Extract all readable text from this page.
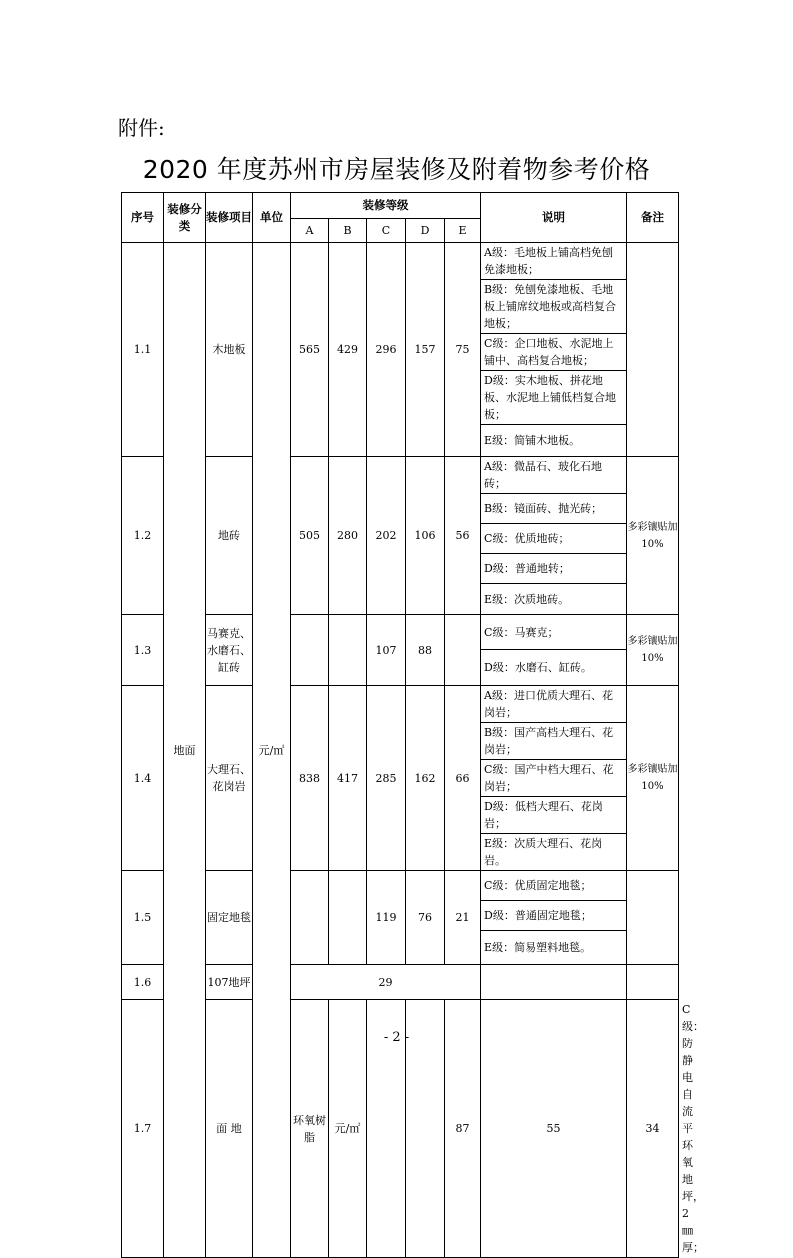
附件:
2020 年度苏州市房屋装修及附着物参考价格
序号	装修分类	装修项目	单位	装修等级					说明	备注	
				A	B	C	D	E			
1.1	地面	木地板	元/㎡	565	429	296	157	75	A级：毛地板上铺高档免刨免漆地板；		
									B级：免刨免漆地板、毛地板上铺席纹地板或高档复合地板；		
									C级：企口地板、水泥地上铺中、高档复合地板；		
									D级：实木地板、拼花地板、水泥地上铺低档复合地板；		
									E级：简铺木地板。		
1.2		地砖		505	280	202	106	56	A级：微晶石、玻化石地砖；	多彩镶贴加10%	
									B级：镜面砖、抛光砖；		
									C级：优质地砖；		
									D级：普通地转；		
									E级：次质地砖。		
1.3		马赛克、水磨石、缸砖				107	88		C级：马赛克；	多彩镶贴加10%	
									D级：水磨石、缸砖。		
1.4		大理石、花岗岩		838	417	285	162	66	A级：进口优质大理石、花岗岩；	多彩镶贴加10%	
									B级：国产高档大理石、花岗岩；		
									C级：国产中档大理石、花岗岩；		
									D级：低档大理石、花岗岩；		
									E级：次质大理石、花岗岩。		
1.5		固定地毯				119	76	21	C级：优质固定地毯；		
									D级：普通固定地毯；		
									E级：简易塑料地毯。		
1.6		107地坪		29							
1.7		面 地		环氧树脂	元/㎡			87	55	34	C级：防静电自流平环氧地坪，2㎜厚；	
- 2 -
